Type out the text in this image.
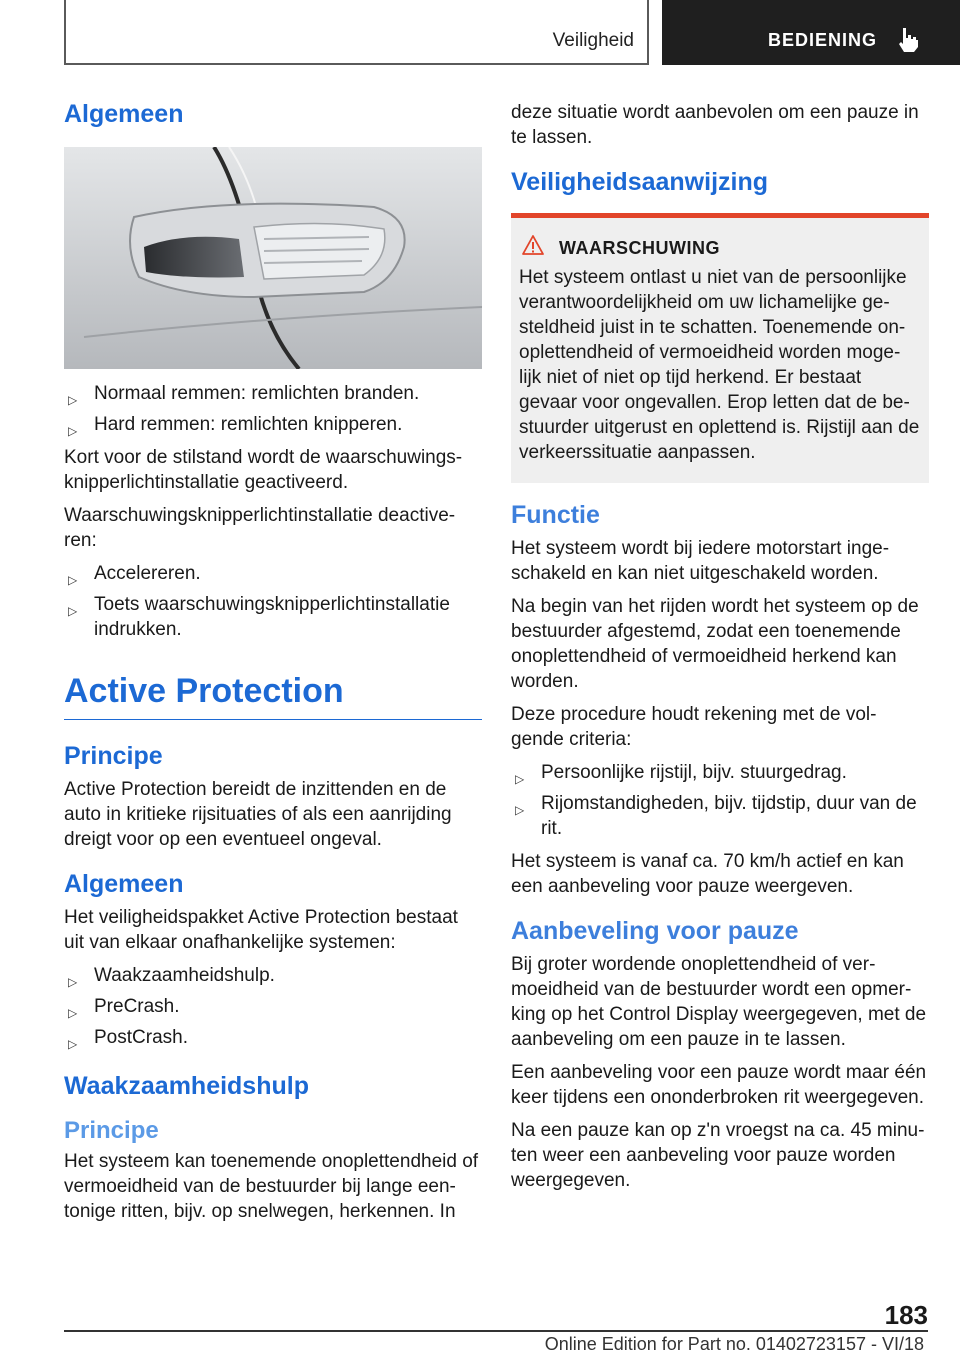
Veiligheid	BEDIENING
Algemeen
▷ Normaal remmen: remlichten branden.
▷ Hard remmen: remlichten knipperen.

Kort voor de stilstand wordt de waarschuwings-knipperlichtinstallatie geactiveerd.

Waarschuwingsknipperlichtinstallatie deactive-ren:

▷ Accelereren.
▷ Toets waarschuwingsknipperlichtinstallatie indrukken.
Active Protection
Principe

Active Protection bereidt de inzittenden en de auto in kritieke rijsituaties of als een aanrijding dreigt voor op een eventueel ongeval.

Algemeen

Het veiligheidspakket Active Protection bestaat uit van elkaar onafhankelijke systemen:

▷ Waakzaamheidshulp.
▷ PreCrash.
▷ PostCrash.
Waakzaamheidshulp
Principe

Het systeem kan toenemende onoplettendheid of vermoeidheid van de bestuurder bij lange een-tonige ritten, bijv. op snelwegen, herkennen. In

deze situatie wordt aanbevolen om een pauze in te lassen.

Veiligheidsaanwijzing
WAARSCHUWING

Het systeem ontlast u niet van de persoonlijke verantwoordelijkheid om uw lichamelijke ge-steldheid juist in te schatten. Toenemende on-oplettendheid of vermoeidheid worden moge-lijk niet of niet op tijd herkend. Er bestaat gevaar voor ongevallen. Erop letten dat de be-stuurder uitgerust en oplettend is. Rijstijl aan de verkeerssituatie aanpassen.

Functie

Het systeem wordt bij iedere motorstart inge-schakeld en kan niet uitgeschakeld worden.

Na begin van het rijden wordt het systeem op de bestuurder afgestemd, zodat een toenemende onoplettendheid of vermoeidheid herkend kan worden.

Deze procedure houdt rekening met de vol-gende criteria:

▷ Persoonlijke rijstijl, bijv. stuurgedrag.
▷ Rijomstandigheden, bijv. tijdstip, duur van de rit.

Het systeem is vanaf ca. 70 km/h actief en kan een aanbeveling voor pauze weergeven.

Aanbeveling voor pauze

Bij groter wordende onoplettendheid of ver-moeidheid van de bestuurder wordt een opmer-king op het Control Display weergegeven, met de aanbeveling om een pauze in te lassen.

Een aanbeveling voor een pauze wordt maar één keer tijdens een ononderbroken rit weergegeven.

Na een pauze kan op z'n vroegst na ca. 45 minu-ten weer een aanbeveling voor pauze worden weergegeven.

183
Online Edition for Part no. 01402723157 - VI/18
